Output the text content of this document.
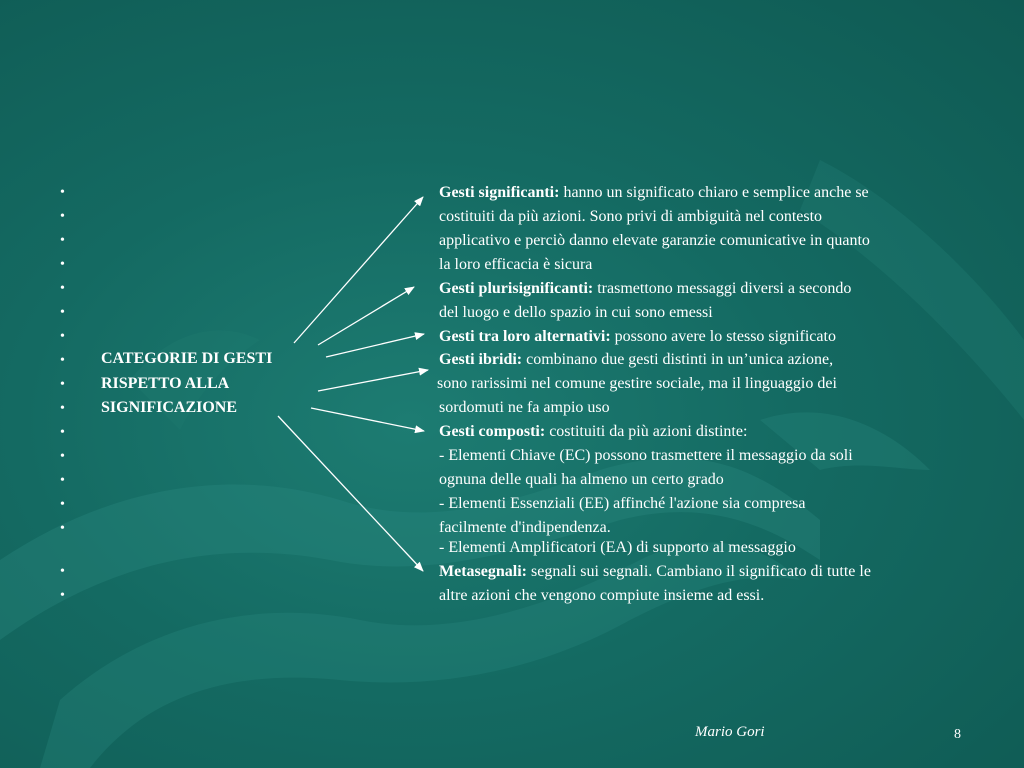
•
•
•
•
•
•
•
•
•
•
•
•
•
•
•
•
•
CATEGORIE DI GESTI
RISPETTO ALLA
SIGNIFICAZIONE
Gesti significanti: hanno un significato chiaro e semplice anche se
costituiti da più azioni. Sono privi di ambiguità nel contesto
applicativo e perciò danno elevate garanzie comunicative in quanto
la loro efficacia è sicura
Gesti plurisignificanti: trasmettono messaggi diversi a secondo
del luogo e dello spazio in cui sono emessi
Gesti tra loro alternativi: possono avere lo stesso significato
Gesti ibridi: combinano due gesti distinti in un’unica azione,
sono rarissimi nel comune gestire sociale, ma il linguaggio dei
sordomuti ne fa ampio uso
Gesti composti: costituiti da più azioni distinte:
- Elementi Chiave (EC) possono trasmettere il messaggio da soli
ognuna delle quali ha almeno un certo grado
- Elementi Essenziali (EE) affinché l'azione sia compresa
facilmente d'indipendenza.
- Elementi Amplificatori (EA) di supporto al messaggio
Metasegnali: segnali sui segnali. Cambiano il significato di tutte le
altre azioni che vengono compiute insieme ad essi.
Mario Gori	8
